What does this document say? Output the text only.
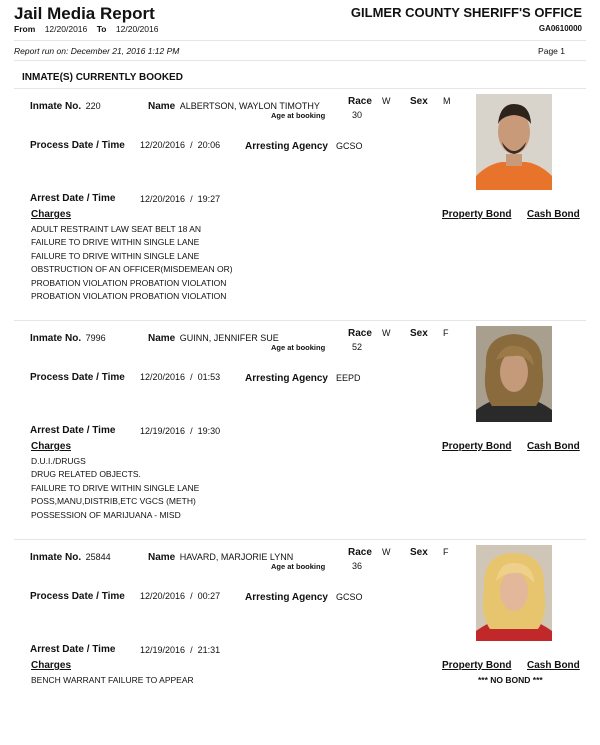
Jail Media Report
From 12/20/2016 To 12/20/2016
GILMER COUNTY SHERIFF'S OFFICE
GA0610000
Report run on: December 21, 2016 1:12 PM	Page 1
INMATE(S) CURRENTLY BOOKED
Inmate No. 220	Name ALBERTSON, WAYLON TIMOTHY	Race W Sex M
Age at booking	30
Process Date / Time 12/20/2016 / 20:06 Arresting Agency GCSO
Arrest Date / Time	12/20/2016 / 19:27
Charges	Property Bond Cash Bond
ADULT RESTRAINT LAW SEAT BELT 18 AN
FAILURE TO DRIVE WITHIN SINGLE LANE
FAILURE TO DRIVE WITHIN SINGLE LANE
OBSTRUCTION OF AN OFFICER(MISDEMEAN OR)
PROBATION VIOLATION PROBATION VIOLATION
PROBATION VIOLATION PROBATION VIOLATION
Inmate No. 7996	Name GUINN, JENNIFER SUE	Race W Sex F
Age at booking	52
Process Date / Time 12/20/2016 / 01:53 Arresting Agency EEPD
Arrest Date / Time	12/19/2016 / 19:30
Charges	Property Bond Cash Bond
D.U.I./DRUGS
DRUG RELATED OBJECTS.
FAILURE TO DRIVE WITHIN SINGLE LANE
POSS,MANU,DISTRIB,ETC VGCS (METH)
POSSESSION OF MARIJUANA - MISD
Inmate No. 25844	Name HAVARD, MARJORIE LYNN	Race W Sex F
Age at booking	36
Process Date / Time 12/20/2016 / 00:27 Arresting Agency GCSO
Arrest Date / Time	12/19/2016 / 21:31
Charges	Property Bond Cash Bond
BENCH WARRANT FAILURE TO APPEAR	*** NO BOND ***
